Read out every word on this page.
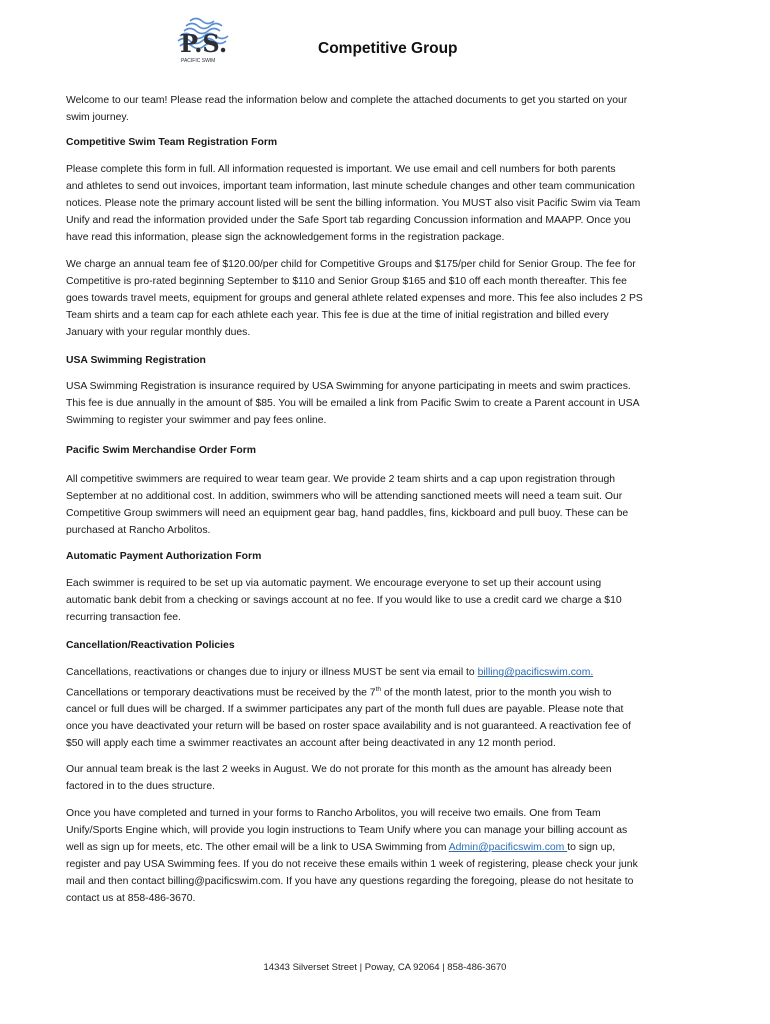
P.S.
PACIFIC SWIM
Competitive Group
Welcome to our team! Please read the information below and complete the attached documents to get you started on your
swim journey.
Competitive Swim Team Registration Form
Please complete this form in full. All information requested is important. We use email and cell numbers for both parents
and athletes to send out invoices, important team information, last minute schedule changes and other team communication
notices. Please note the primary account listed will be sent the billing information. You MUST also visit Pacific Swim via Team
Unify and read the information provided under the Safe Sport tab regarding Concussion information and MAAPP. Once you
have read this information, please sign the acknowledgement forms in the registration package.
We charge an annual team fee of $120.00/per child for Competitive Groups and $175/per child for Senior Group. The fee for
Competitive is pro-rated beginning September to $110 and Senior Group $165 and $10 off each month thereafter. This fee
goes towards travel meets, equipment for groups and general athlete related expenses and more. This fee also includes 2 PS
Team shirts and a team cap for each athlete each year. This fee is due at the time of initial registration and billed every
January with your regular monthly dues.
USA Swimming Registration
USA Swimming Registration is insurance required by USA Swimming for anyone participating in meets and swim practices.
This fee is due annually in the amount of $85. You will be emailed a link from Pacific Swim to create a Parent account in USA
Swimming to register your swimmer and pay fees online.
Pacific Swim Merchandise Order Form
All competitive swimmers are required to wear team gear. We provide 2 team shirts and a cap upon registration through
September at no additional cost. In addition, swimmers who will be attending sanctioned meets will need a team suit. Our
Competitive Group swimmers will need an equipment gear bag, hand paddles, fins, kickboard and pull buoy. These can be
purchased at Rancho Arbolitos.
Automatic Payment Authorization Form
Each swimmer is required to be set up via automatic payment. We encourage everyone to set up their account using
automatic bank debit from a checking or savings account at no fee. If you would like to use a credit card we charge a $10
recurring transaction fee.
Cancellation/Reactivation Policies
Cancellations, reactivations or changes due to injury or illness MUST be sent via email to billing@pacificswim.com.
Cancellations or temporary deactivations must be received by the 7th of the month latest, prior to the month you wish to
cancel or full dues will be charged. If a swimmer participates any part of the month full dues are payable. Please note that
once you have deactivated your return will be based on roster space availability and is not guaranteed. A reactivation fee of
$50 will apply each time a swimmer reactivates an account after being deactivated in any 12 month period.
Our annual team break is the last 2 weeks in August. We do not prorate for this month as the amount has already been
factored in to the dues structure.
Once you have completed and turned in your forms to Rancho Arbolitos, you will receive two emails. One from Team
Unify/Sports Engine which, will provide you login instructions to Team Unify where you can manage your billing account as
well as sign up for meets, etc. The other email will be a link to USA Swimming from Admin@pacificswim.com to sign up,
register and pay USA Swimming fees. If you do not receive these emails within 1 week of registering, please check your junk
mail and then contact billing@pacificswim.com. If you have any questions regarding the foregoing, please do not hesitate to
contact us at 858-486-3670.
14343 Silverset Street | Poway, CA 92064 | 858-486-3670
